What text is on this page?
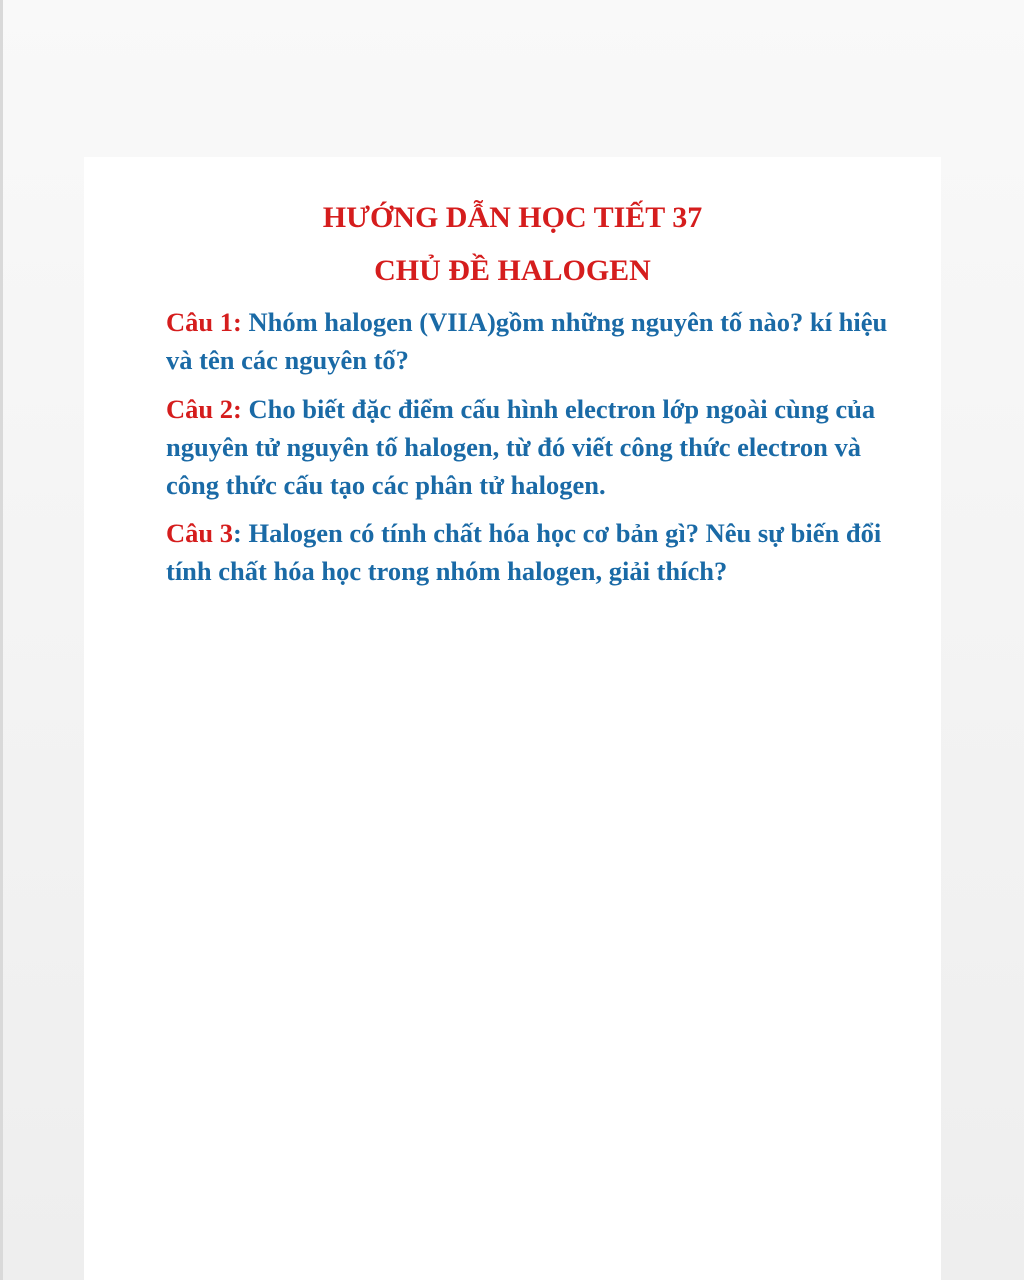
HƯỚNG DẪN HỌC TIẾT 37
CHỦ ĐỀ HALOGEN

Câu 1: Nhóm halogen (VIIA)gồm những nguyên tố nào? kí hiệu và tên các nguyên tố?

Câu 2: Cho biết đặc điểm cấu hình electron lớp ngoài cùng của nguyên tử nguyên tố halogen, từ đó viết công thức electron và công thức cấu tạo các phân tử halogen.

Câu 3: Halogen có tính chất hóa học cơ bản gì? Nêu sự biến đổi tính chất hóa học trong nhóm halogen, giải thích?
